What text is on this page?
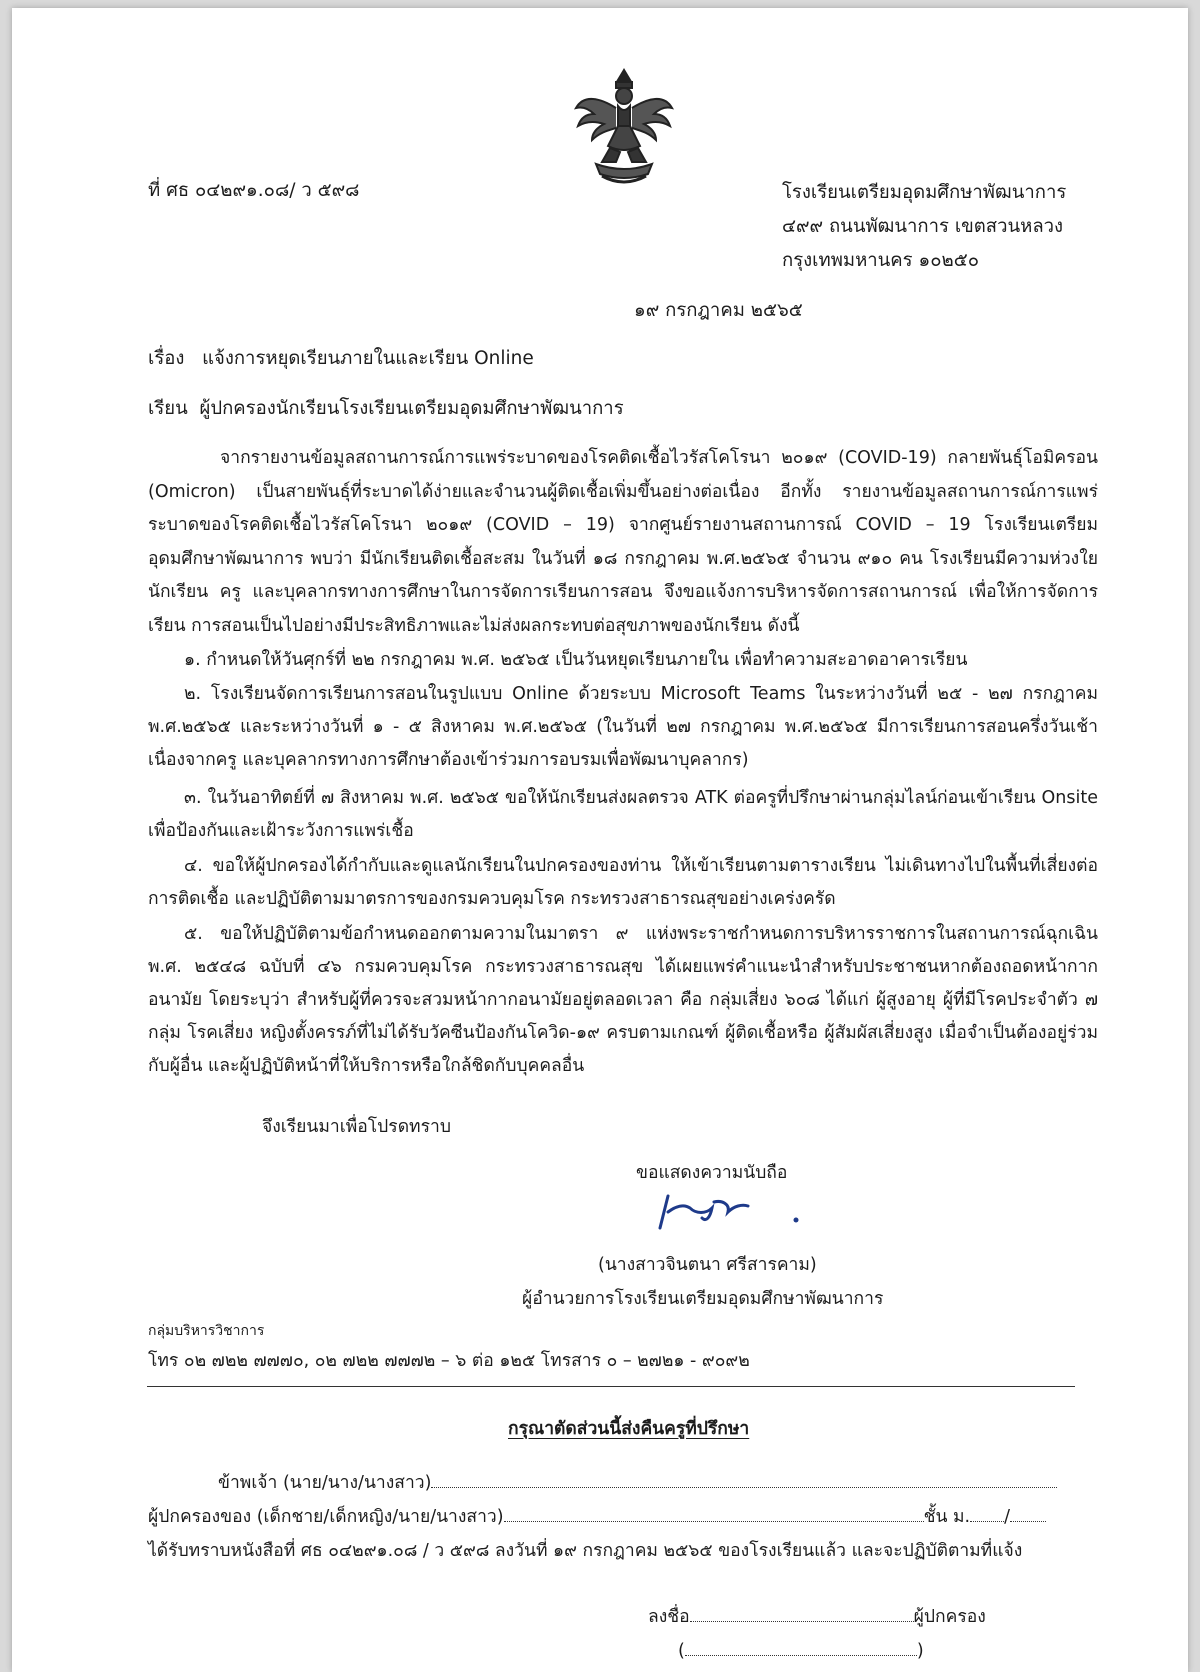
ที่ ศธ ๐๔๒๙๑.๐๘/ ว ๕๙๘	โรงเรียนเตรียมอุดมศึกษาพัฒนาการ
๔๙๙ ถนนพัฒนาการ เขตสวนหลวง
กรุงเทพมหานคร ๑๐๒๕๐
๑๙ กรกฎาคม ๒๕๖๕
เรื่อง แจ้งการหยุดเรียนภายในและเรียน Online
เรียน ผู้ปกครองนักเรียนโรงเรียนเตรียมอุดมศึกษาพัฒนาการ
จากรายงานข้อมูลสถานการณ์การแพร่ระบาดของโรคติดเชื้อไวรัสโคโรนา ๒๐๑๙ (COVID-19) กลายพันธุ์โอมิครอน (Omicron) เป็นสายพันธุ์ที่ระบาดได้ง่ายและจำนวนผู้ติดเชื้อเพิ่มขึ้นอย่างต่อเนื่อง อีกทั้ง รายงานข้อมูลสถานการณ์การแพร่ระบาดของโรคติดเชื้อไวรัสโคโรนา ๒๐๑๙ (COVID – 19) จากศูนย์รายงานสถานการณ์ COVID – 19 โรงเรียนเตรียมอุดมศึกษาพัฒนาการ พบว่า มีนักเรียนติดเชื้อสะสม ในวันที่ ๑๘ กรกฎาคม พ.ศ.๒๕๖๕ จำนวน ๙๑๐ คน โรงเรียนมีความห่วงใยนักเรียน ครู และบุคลากรทางการศึกษาในการจัดการเรียนการสอน จึงขอแจ้งการบริหารจัดการสถานการณ์ เพื่อให้การจัดการเรียน การสอนเป็นไปอย่างมีประสิทธิภาพและไม่ส่งผลกระทบต่อสุขภาพของนักเรียน ดังนี้
๑. กำหนดให้วันศุกร์ที่ ๒๒ กรกฎาคม พ.ศ. ๒๕๖๕ เป็นวันหยุดเรียนภายใน เพื่อทำความสะอาดอาคารเรียน
๒. โรงเรียนจัดการเรียนการสอนในรูปแบบ Online ด้วยระบบ Microsoft Teams ในระหว่างวันที่ ๒๕ - ๒๗ กรกฎาคม พ.ศ.๒๕๖๕ และระหว่างวันที่ ๑ - ๕ สิงหาคม พ.ศ.๒๕๖๕ (ในวันที่ ๒๗ กรกฎาคม พ.ศ.๒๕๖๕ มีการเรียนการสอนครึ่งวันเช้าเนื่องจากครู และบุคลากรทางการศึกษาต้องเข้าร่วมการอบรมเพื่อพัฒนาบุคลากร)
๓. ในวันอาทิตย์ที่ ๗ สิงหาคม พ.ศ. ๒๕๖๕ ขอให้นักเรียนส่งผลตรวจ ATK ต่อครูที่ปรึกษาผ่านกลุ่มไลน์ก่อนเข้าเรียน Onsite เพื่อป้องกันและเฝ้าระวังการแพร่เชื้อ
๔. ขอให้ผู้ปกครองได้กำกับและดูแลนักเรียนในปกครองของท่าน ให้เข้าเรียนตามตารางเรียน ไม่เดินทางไปในพื้นที่เสี่ยงต่อการติดเชื้อ และปฏิบัติตามมาตรการของกรมควบคุมโรค กระทรวงสาธารณสุขอย่างเคร่งครัด
๕. ขอให้ปฏิบัติตามข้อกำหนดออกตามความในมาตรา ๙ แห่งพระราชกำหนดการบริหารราชการในสถานการณ์ฉุกเฉิน พ.ศ. ๒๕๔๘ ฉบับที่ ๔๖ กรมควบคุมโรค กระทรวงสาธารณสุข ได้เผยแพร่คำแนะนำสำหรับประชาชนหากต้องถอดหน้ากากอนามัย โดยระบุว่า สำหรับผู้ที่ควรจะสวมหน้ากากอนามัยอยู่ตลอดเวลา คือ กลุ่มเสี่ยง ๖๐๘ ได้แก่ ผู้สูงอายุ ผู้ที่มีโรคประจำตัว ๗ กลุ่ม โรคเสี่ยง หญิงตั้งครรภ์ที่ไม่ได้รับวัคซีนป้องกันโควิด-๑๙ ครบตามเกณฑ์ ผู้ติดเชื้อหรือ ผู้สัมผัสเสี่ยงสูง เมื่อจำเป็นต้องอยู่ร่วมกับผู้อื่น และผู้ปฏิบัติหน้าที่ให้บริการหรือใกล้ชิดกับบุคคลอื่น
จึงเรียนมาเพื่อโปรดทราบ
ขอแสดงความนับถือ
(นางสาวจินตนา ศรีสารคาม)
ผู้อำนวยการโรงเรียนเตรียมอุดมศึกษาพัฒนาการ
กลุ่มบริหารวิชาการ
โทร ๐๒ ๗๒๒ ๗๗๗๐, ๐๒ ๗๒๒ ๗๗๗๒ – ๖ ต่อ ๑๒๕ โทรสาร ๐ – ๒๗๒๑ - ๙๐๙๒
กรุณาตัดส่วนนี้ส่งคืนครูที่ปรึกษา
ข้าพเจ้า (นาย/นาง/นางสาว)
ผู้ปกครองของ (เด็กชาย/เด็กหญิง/นาย/นางสาว)	ชั้น ม. /
ได้รับทราบหนังสือที่ ศธ ๐๔๒๙๑.๐๘ / ว ๕๙๘ ลงวันที่ ๑๙ กรกฎาคม ๒๕๖๕ ของโรงเรียนแล้ว และจะปฏิบัติตามที่แจ้ง
ลงชื่อ	ผู้ปกครอง
(	)
